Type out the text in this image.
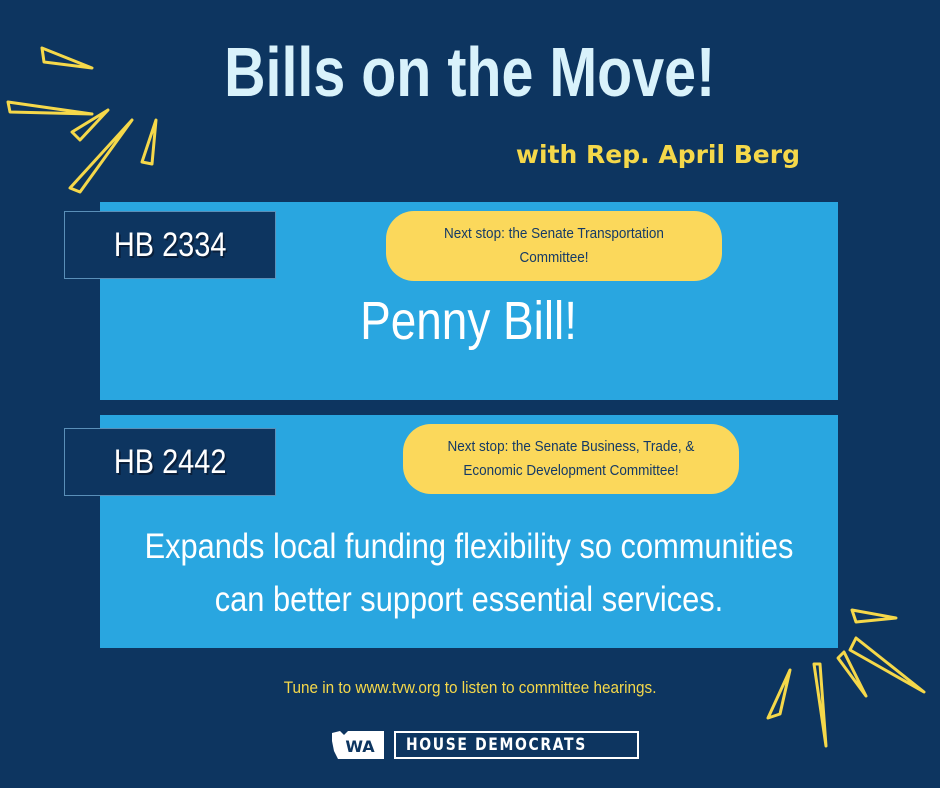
Bills on the Move!
with Rep. April Berg
HB 2334
HB 2442
Next stop: the Senate Transportation Committee!
Next stop: the Senate Business, Trade, & Economic Development Committee!
Penny Bill!
Expands local funding flexibility so communities can better support essential services.
Tune in to www.tvw.org to listen to committee hearings.
WA	HOUSE DEMOCRATS
